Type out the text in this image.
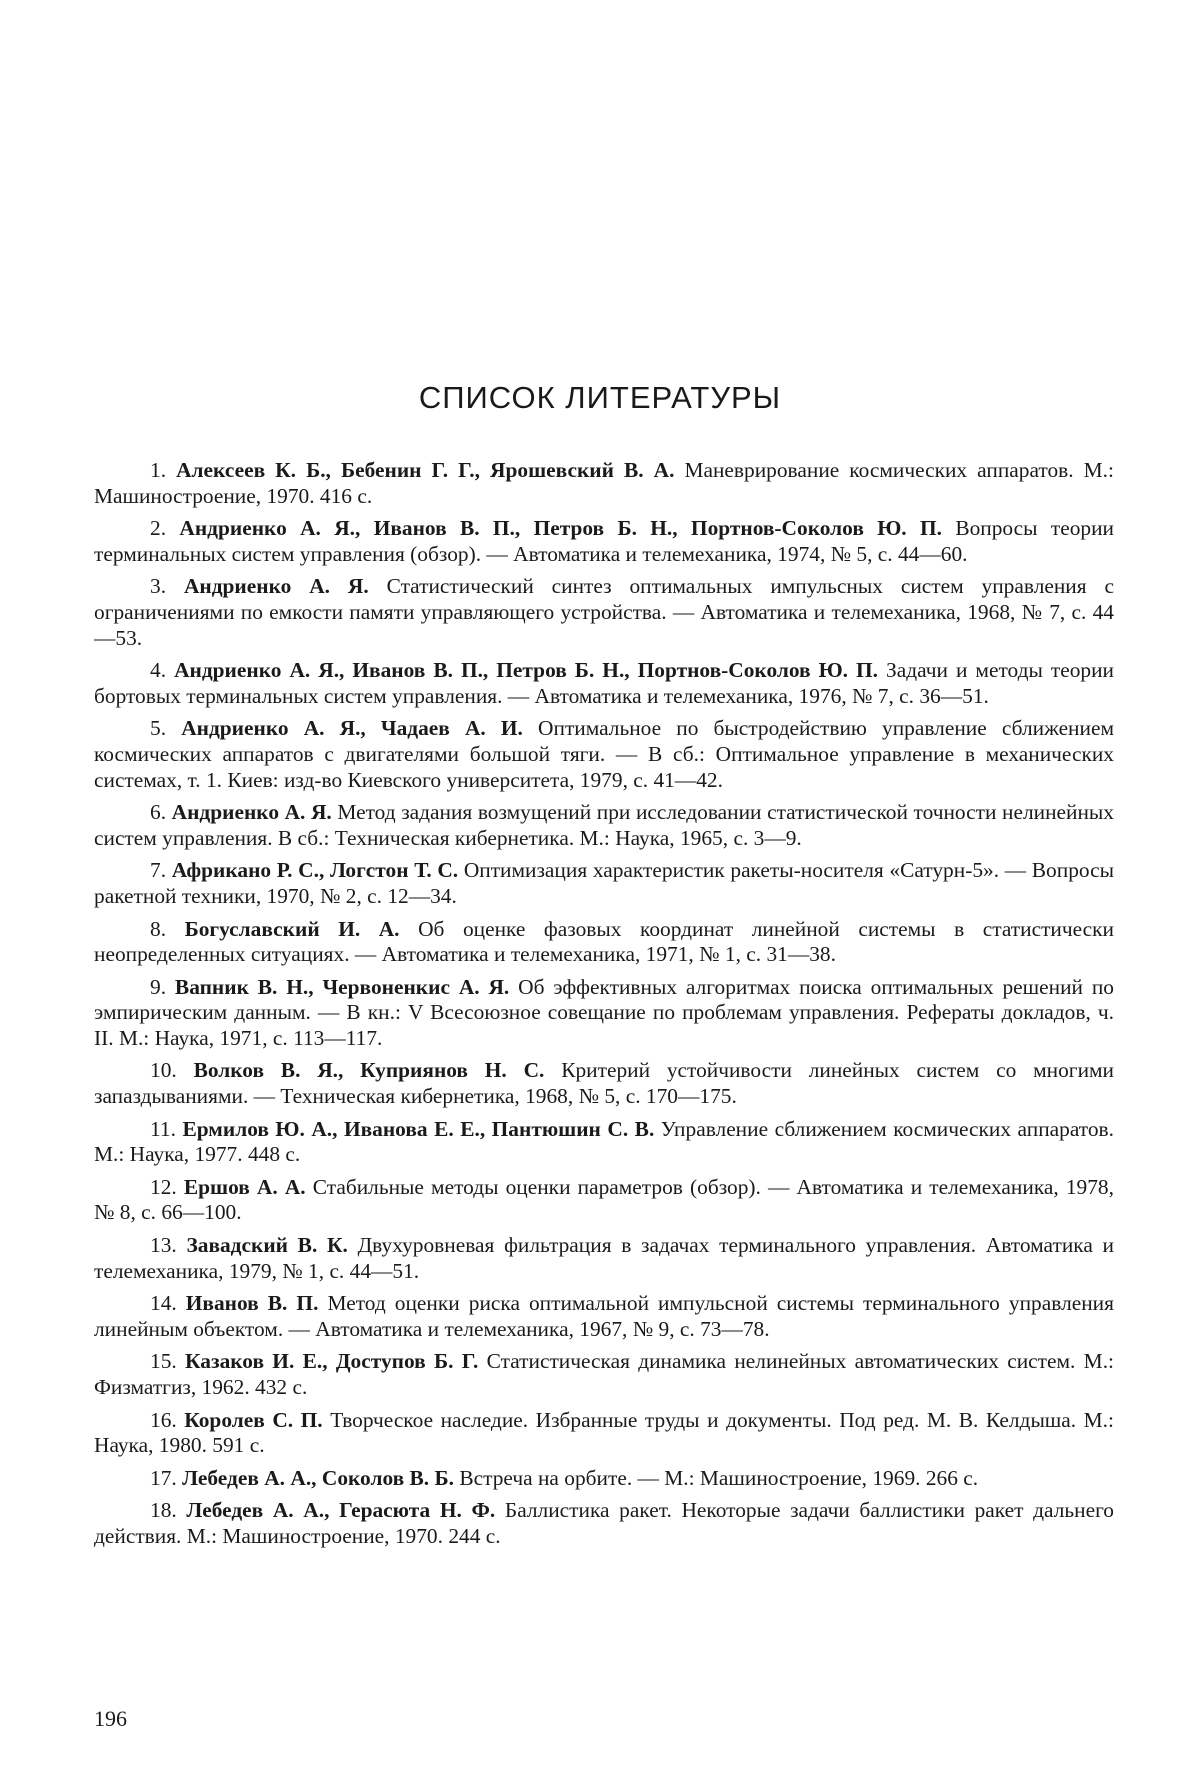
СПИСОК ЛИТЕРАТУРЫ

1. Алексеев К. Б., Бебенин Г. Г., Ярошевский В. А. Маневрирование космических аппаратов. М.: Машиностроение, 1970. 416 с.

2. Андриенко А. Я., Иванов В. П., Петров Б. Н., Портнов-Соколов Ю. П. Вопросы теории терминальных систем управления (обзор). — Автоматика и телемеханика, 1974, № 5, с. 44—60.

3. Андриенко А. Я. Статистический синтез оптимальных импульсных систем управления с ограничениями по емкости памяти управляющего устройства. — Автоматика и телемеханика, 1968, № 7, с. 44—53.

4. Андриенко А. Я., Иванов В. П., Петров Б. Н., Портнов-Соколов Ю. П. Задачи и методы теории бортовых терминальных систем управления. — Автоматика и телемеханика, 1976, № 7, с. 36—51.

5. Андриенко А. Я., Чадаев А. И. Оптимальное по быстродействию управление сближением космических аппаратов с двигателями большой тяги. — В сб.: Оптимальное управление в механических системах, т. 1. Киев: изд-во Киевского университета, 1979, с. 41—42.

6. Андриенко А. Я. Метод задания возмущений при исследовании статистической точности нелинейных систем управления. В сб.: Техническая кибернетика. М.: Наука, 1965, с. 3—9.

7. Африкано Р. С., Логстон Т. С. Оптимизация характеристик ракеты-носителя «Сатурн-5». — Вопросы ракетной техники, 1970, № 2, с. 12—34.

8. Богуславский И. А. Об оценке фазовых координат линейной системы в статистически неопределенных ситуациях. — Автоматика и телемеханика, 1971, № 1, с. 31—38.

9. Вапник В. Н., Червоненкис А. Я. Об эффективных алгоритмах поиска оптимальных решений по эмпирическим данным. — В кн.: V Всесоюзное совещание по проблемам управления. Рефераты докладов, ч. II. М.: Наука, 1971, с. 113—117.

10. Волков В. Я., Куприянов Н. С. Критерий устойчивости линейных систем со многими запаздываниями. — Техническая кибернетика, 1968, № 5, с. 170—175.

11. Ермилов Ю. А., Иванова Е. Е., Пантюшин С. В. Управление сближением космических аппаратов. М.: Наука, 1977. 448 с.

12. Ершов А. А. Стабильные методы оценки параметров (обзор). — Автоматика и телемеханика, 1978, № 8, с. 66—100.

13. Завадский В. К. Двухуровневая фильтрация в задачах терминального управления. Автоматика и телемеханика, 1979, № 1, с. 44—51.

14. Иванов В. П. Метод оценки риска оптимальной импульсной системы терминального управления линейным объектом. — Автоматика и телемеханика, 1967, № 9, с. 73—78.

15. Казаков И. Е., Доступов Б. Г. Статистическая динамика нелинейных автоматических систем. М.: Физматгиз, 1962. 432 с.

16. Королев С. П. Творческое наследие. Избранные труды и документы. Под ред. М. В. Келдыша. М.: Наука, 1980. 591 с.

17. Лебедев А. А., Соколов В. Б. Встреча на орбите. — М.: Машиностроение, 1969. 266 с.

18. Лебедев А. А., Герасюта Н. Ф. Баллистика ракет. Некоторые задачи баллистики ракет дальнего действия. М.: Машиностроение, 1970. 244 с.

196
